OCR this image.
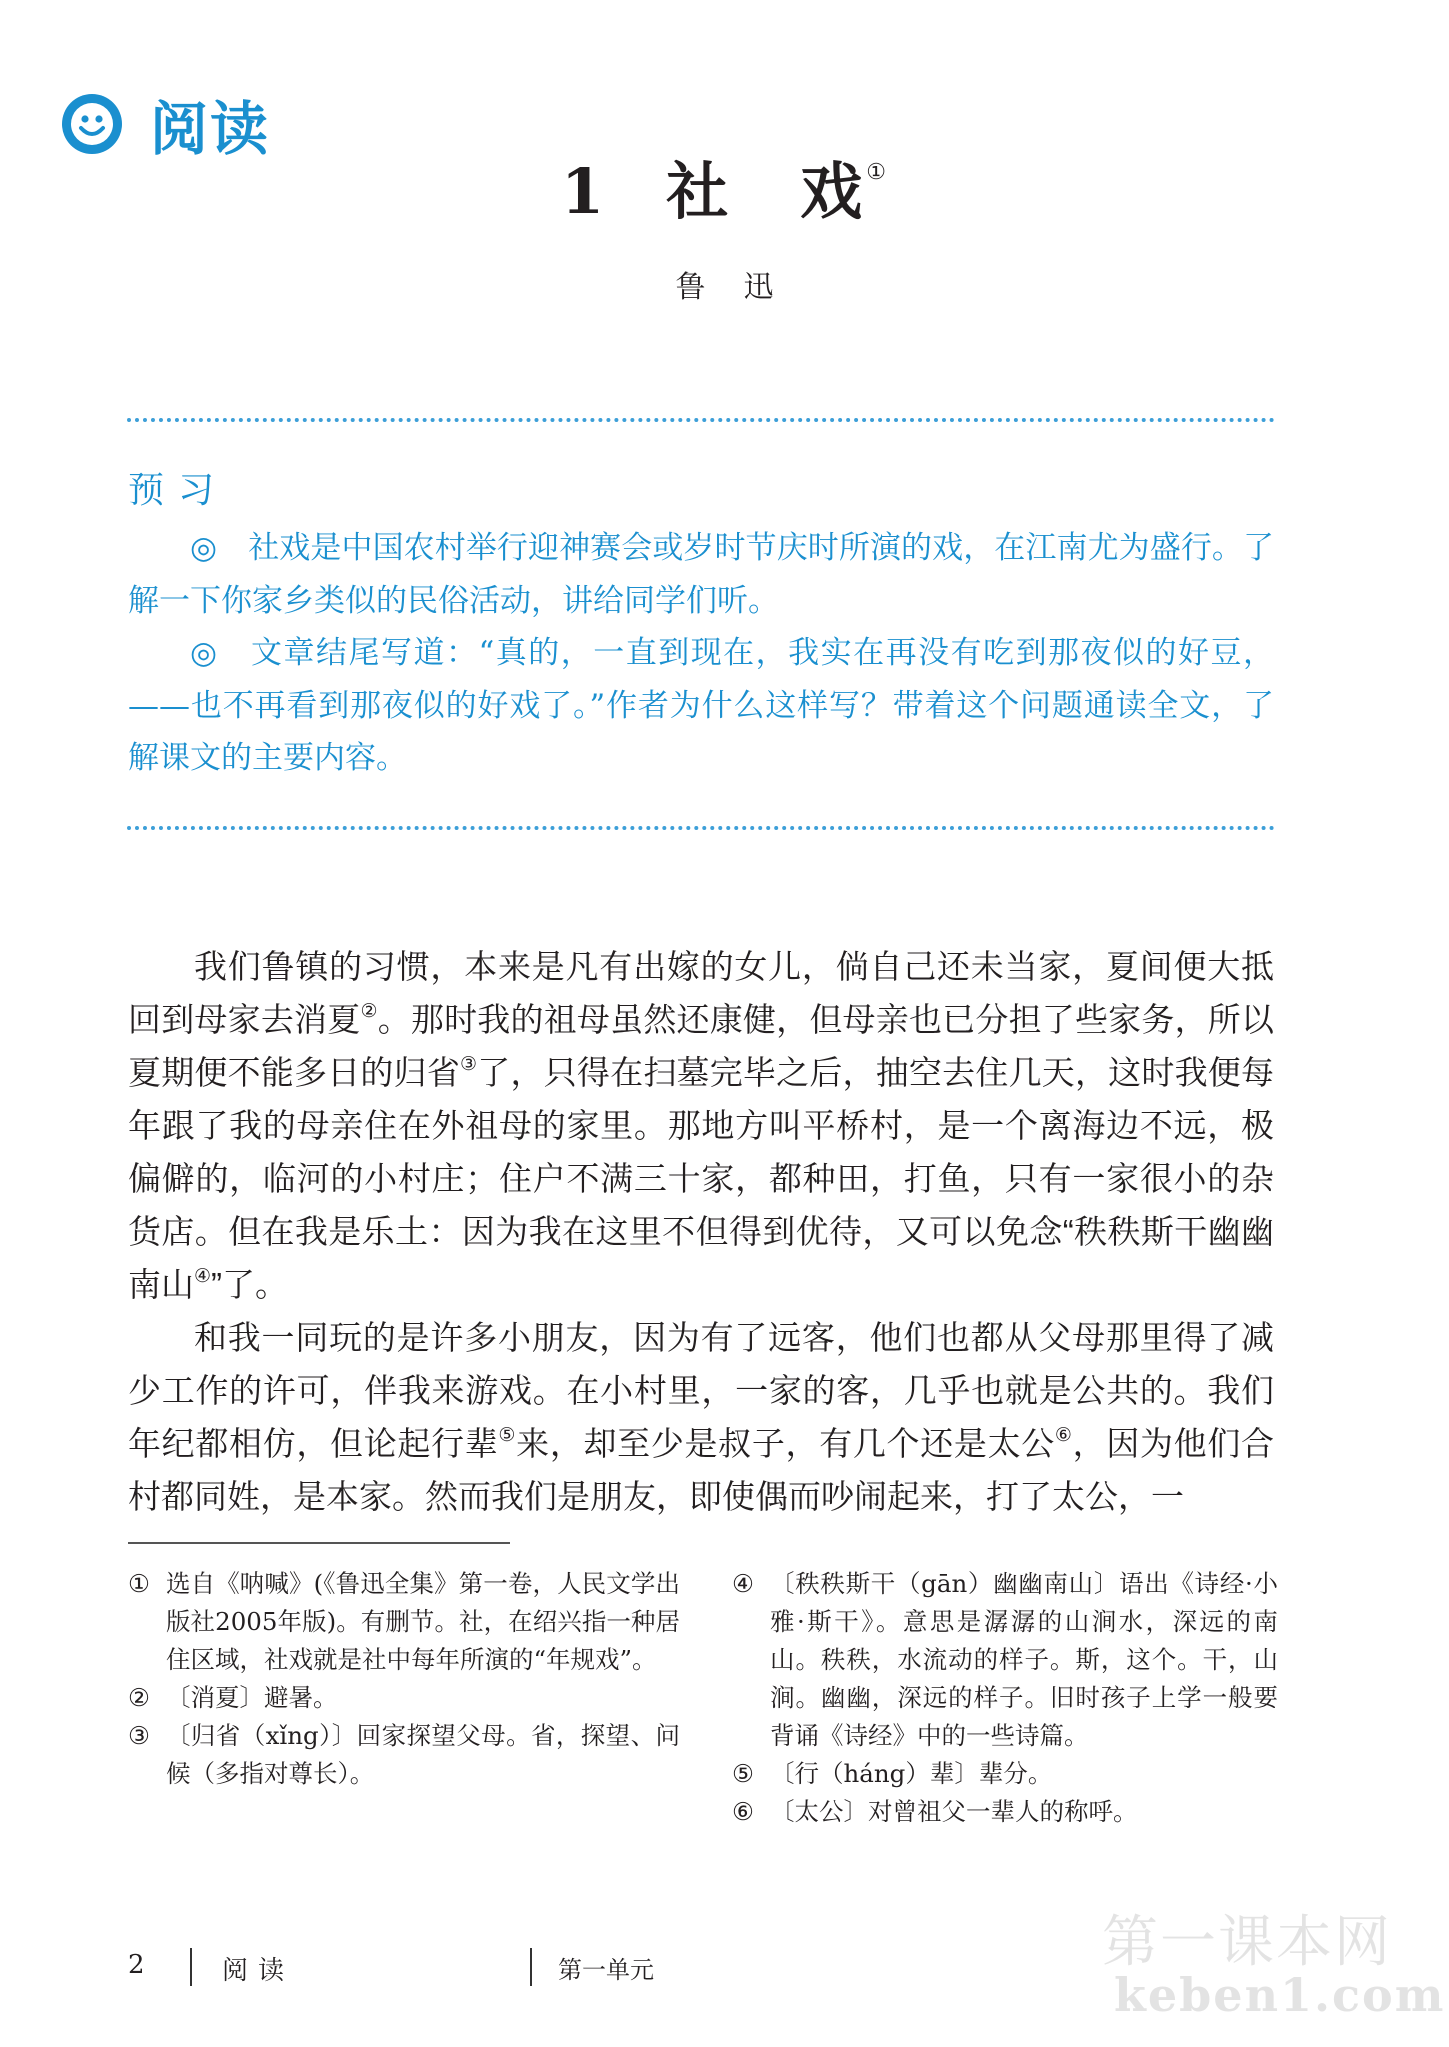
阅读
1 社 戏①
鲁迅
预习

◎　社戏是中国农村举行迎神赛会或岁时节庆时所演的戏，在江南尤为盛行。了解一下你家乡类似的民俗活动，讲给同学们听。

◎　文章结尾写道：“真的，一直到现在，我实在再没有吃到那夜似的好豆，——也不再看到那夜似的好戏了。”作者为什么这样写？带着这个问题通读全文，了解课文的主要内容。

我们鲁镇的习惯，本来是凡有出嫁的女儿，倘自己还未当家，夏间便大抵回到母家去消夏②。那时我的祖母虽然还康健，但母亲也已分担了些家务，所以夏期便不能多日的归省③了，只得在扫墓完毕之后，抽空去住几天，这时我便每年跟了我的母亲住在外祖母的家里。那地方叫平桥村，是一个离海边不远，极偏僻的，临河的小村庄；住户不满三十家，都种田，打鱼，只有一家很小的杂货店。但在我是乐土：因为我在这里不但得到优待，又可以免念“秩秩斯干幽幽南山④”了。

和我一同玩的是许多小朋友，因为有了远客，他们也都从父母那里得了减少工作的许可，伴我来游戏。在小村里，一家的客，几乎也就是公共的。我们年纪都相仿，但论起行辈⑤来，却至少是叔子，有几个还是太公⑥，因为他们合村都同姓，是本家。然而我们是朋友，即使偶而吵闹起来，打了太公，一

① 选自《呐喊》(《鲁迅全集》第一卷，人民文学出版社2005年版)。有删节。社，在绍兴指一种居住区域，社戏就是社中每年所演的“年规戏”。
② 〔消夏〕避暑。
③ 〔归省（xǐng）〕回家探望父母。省，探望、问候（多指对尊长）。
④ 〔秩秩斯干（gān）幽幽南山〕语出《诗经·小雅·斯干》。意思是潺潺的山涧水，深远的南山。秩秩，水流动的样子。斯，这个。干，山涧。幽幽，深远的样子。旧时孩子上学一般要背诵《诗经》中的一些诗篇。
⑤ 〔行（háng）辈〕辈分。
⑥ 〔太公〕对曾祖父一辈人的称呼。
2	阅读	第一单元	第一课本网
keben1.com
